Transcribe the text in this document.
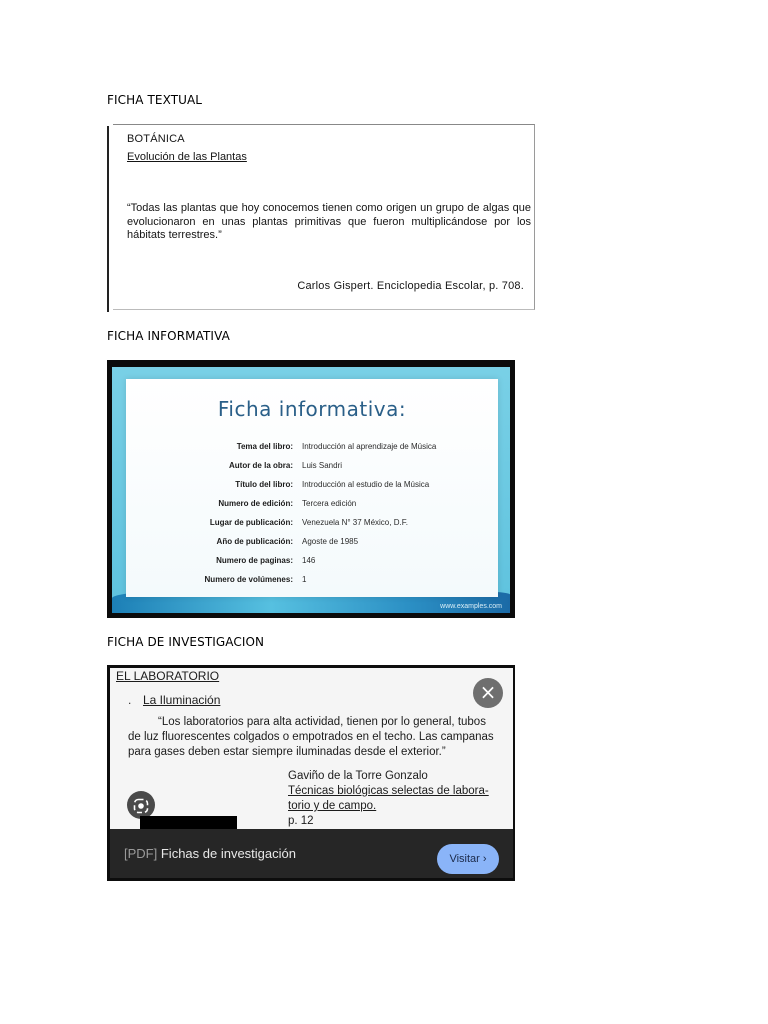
FICHA TEXTUAL
BOTÁNICA
Evolución de las Plantas
“Todas las plantas que hoy conocemos tienen como origen un grupo de algas que evolucionaron en unas plantas primitivas que fueron multiplicándose por los hábitats terrestres.”
Carlos Gispert. Enciclopedia Escolar, p. 708.
FICHA INFORMATIVA
www.examples.com
Ficha informativa:
Tema del libro: Introducción al aprendizaje de Música
Autor de la obra: Luis Sandri
Título del libro: Introducción al estudio de la Música
Numero de edición: Tercera edición
Lugar de publicación: Venezuela N° 37 México, D.F.
Año de publicación: Agoste de 1985
Numero de paginas: 146
Numero de volúmenes: 1
FICHA DE INVESTIGACION
EL LABORATORIO
. La Iluminación
“Los laboratorios para alta actividad, tienen por lo general, tubos de luz fluorescentes colgados o empotrados en el techo. Las campanas para gases deben estar siempre iluminadas desde el exterior.”
Gaviño de la Torre Gonzalo
Técnicas biológicas selectas de labora-
torio y de campo.
p. 12
×
[PDF] Fichas de investigación	Visitar ›
